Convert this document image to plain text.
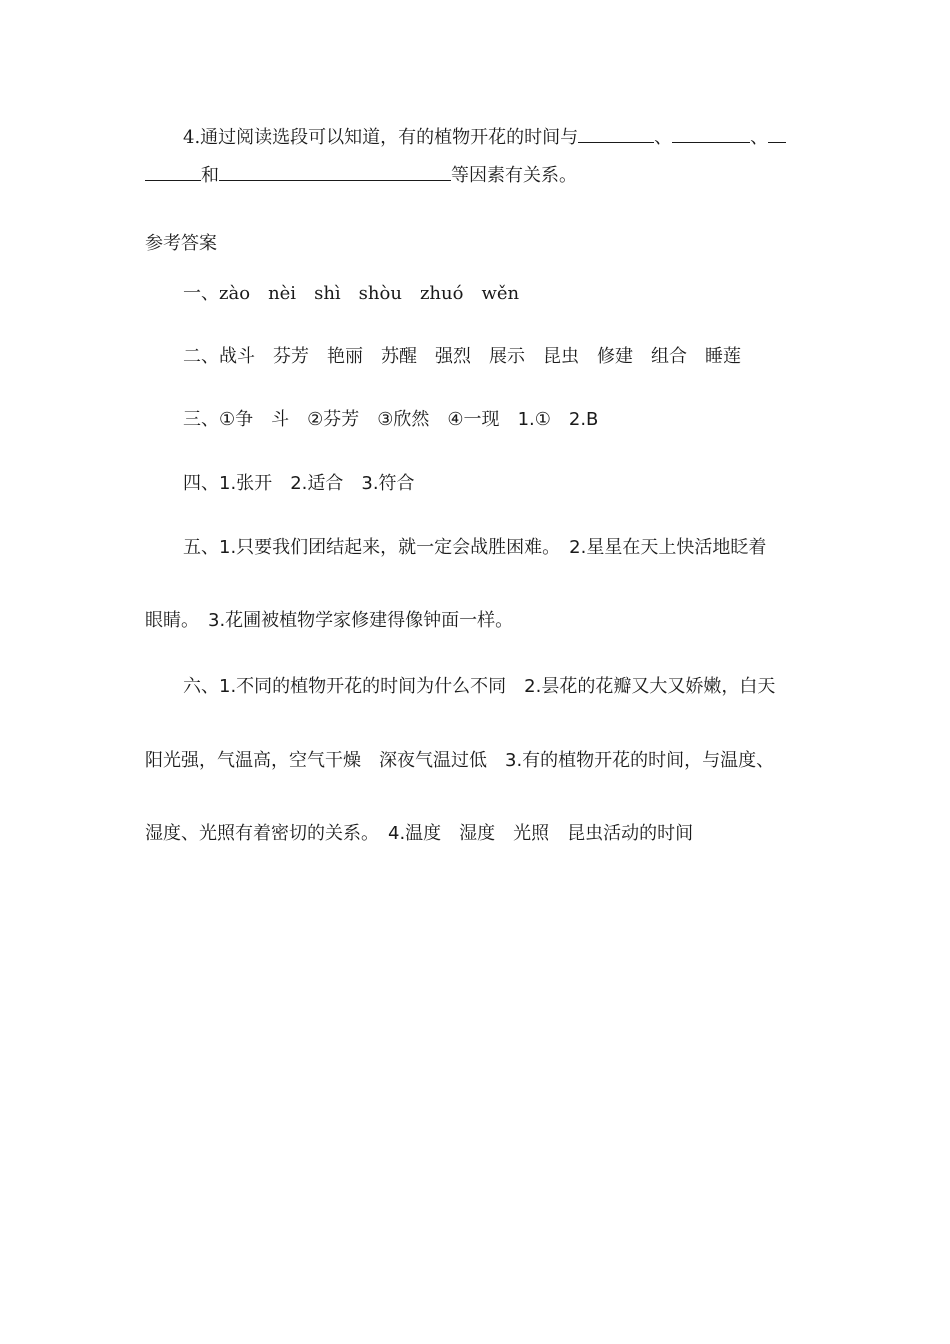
4.通过阅读选段可以知道，有的植物开花的时间与	、	、
和	等因素有关系。
参考答案
一、zào nèi shì shòu zhuó wěn
二、战斗 芬芳 艳丽 苏醒 强烈 展示 昆虫 修建 组合 睡莲
三、①争　斗 ②芬芳 ③欣然 ④一现 1.① 2.B
四、1.张开 2.适合 3.符合
五、1.只要我们团结起来，就一定会战胜困难。　2.星星在天上快活地眨着
眼睛。　3.花圃被植物学家修建得像钟面一样。
六、1.不同的植物开花的时间为什么不同　2.昙花的花瓣又大又娇嫩，白天
阳光强，气温高，空气干燥　深夜气温过低　3.有的植物开花的时间，与温度、
湿度、光照有着密切的关系。　4.温度　湿度　光照　昆虫活动的时间
